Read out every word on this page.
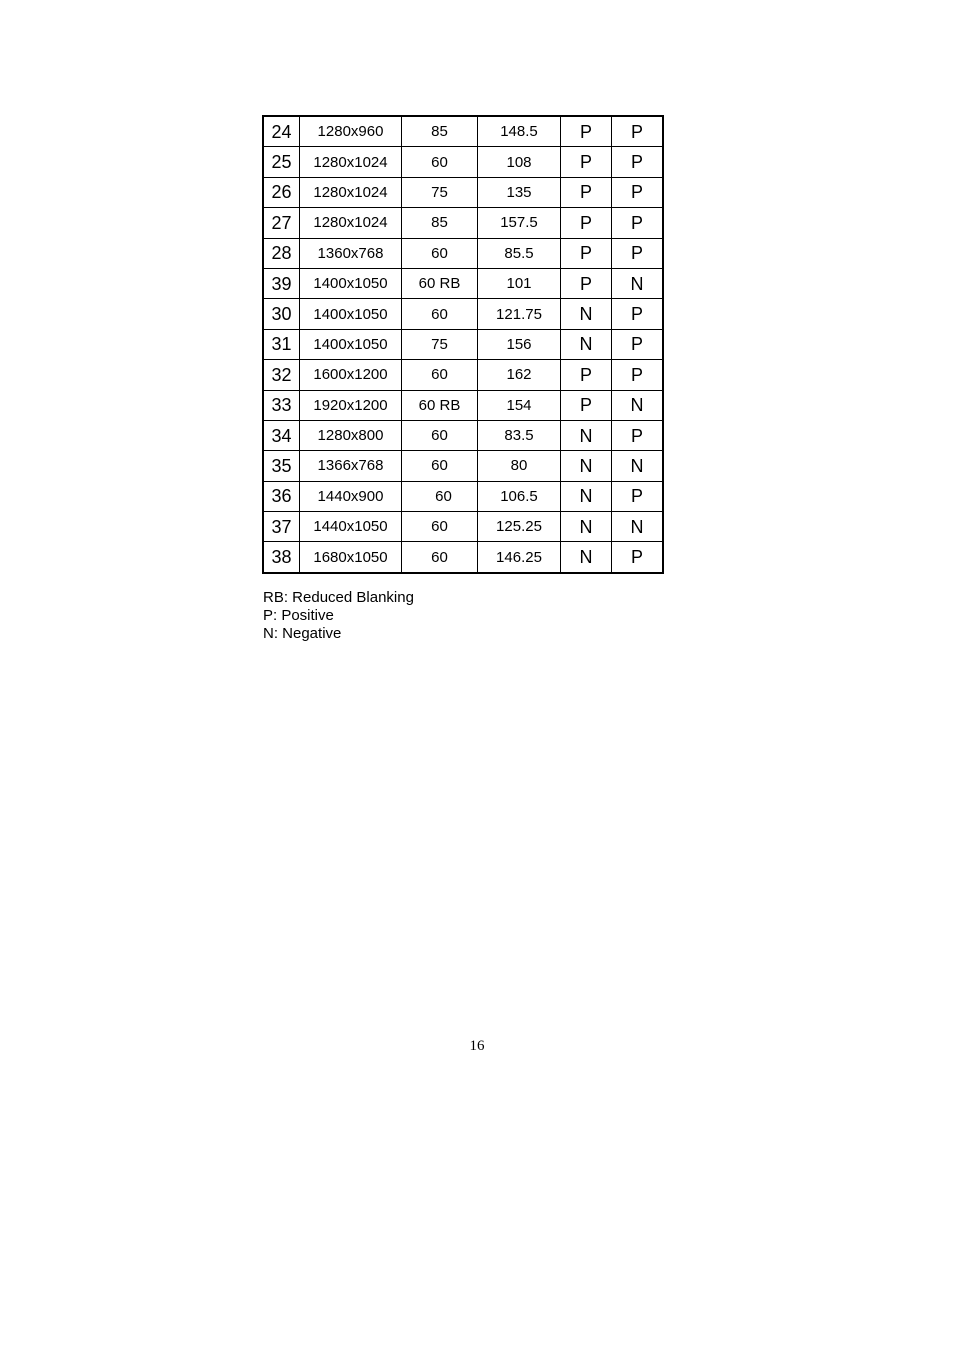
24	1280x960	85	148.5	P	P
25	1280x1024	60	108	P	P
26	1280x1024	75	135	P	P
27	1280x1024	85	157.5	P	P
28	1360x768	60	85.5	P	P
39	1400x1050	60 RB	101	P	N
30	1400x1050	60	121.75	N	P
31	1400x1050	75	156	N	P
32	1600x1200	60	162	P	P
33	1920x1200	60 RB	154	P	N
34	1280x800	60	83.5	N	P
35	1366x768	60	80	N	N
36	1440x900	60	106.5	N	P
37	1440x1050	60	125.25	N	N
38	1680x1050	60	146.25	N	P
RB: Reduced Blanking
P: Positive
N: Negative
16
